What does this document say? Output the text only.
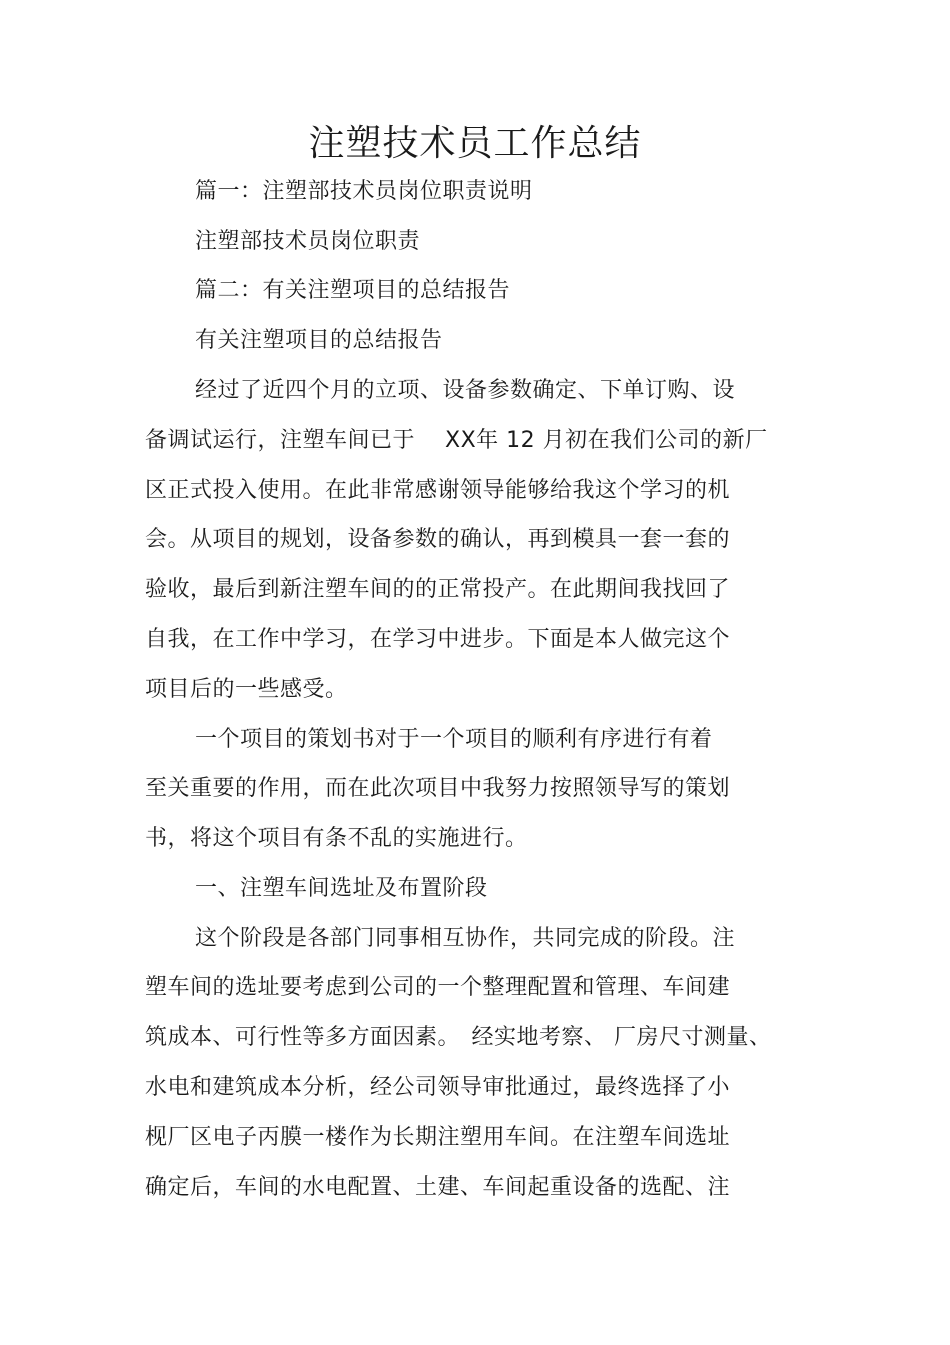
注塑技术员工作总结

篇一：注塑部技术员岗位职责说明

注塑部技术员岗位职责

篇二：有关注塑项目的总结报告

有关注塑项目的总结报告

经过了近四个月的立项、设备参数确定、下单订购、设

备调试运行，注塑车间已于　 XX年 12 月初在我们公司的新厂

区正式投入使用。在此非常感谢领导能够给我这个学习的机

会。从项目的规划，设备参数的确认，再到模具一套一套的

验收，最后到新注塑车间的的正常投产。在此期间我找回了

自我，在工作中学习，在学习中进步。下面是本人做完这个

项目后的一些感受。

一个项目的策划书对于一个项目的顺利有序进行有着

至关重要的作用，而在此次项目中我努力按照领导写的策划

书，将这个项目有条不乱的实施进行。

一、注塑车间选址及布置阶段

这个阶段是各部门同事相互协作，共同完成的阶段。注

塑车间的选址要考虑到公司的一个整理配置和管理、车间建

筑成本、可行性等多方面因素。　经实地考察、 厂房尺寸测量、

水电和建筑成本分析，经公司领导审批通过，最终选择了小

枧厂区电子丙膜一楼作为长期注塑用车间。在注塑车间选址

确定后，车间的水电配置、土建、车间起重设备的选配、注
